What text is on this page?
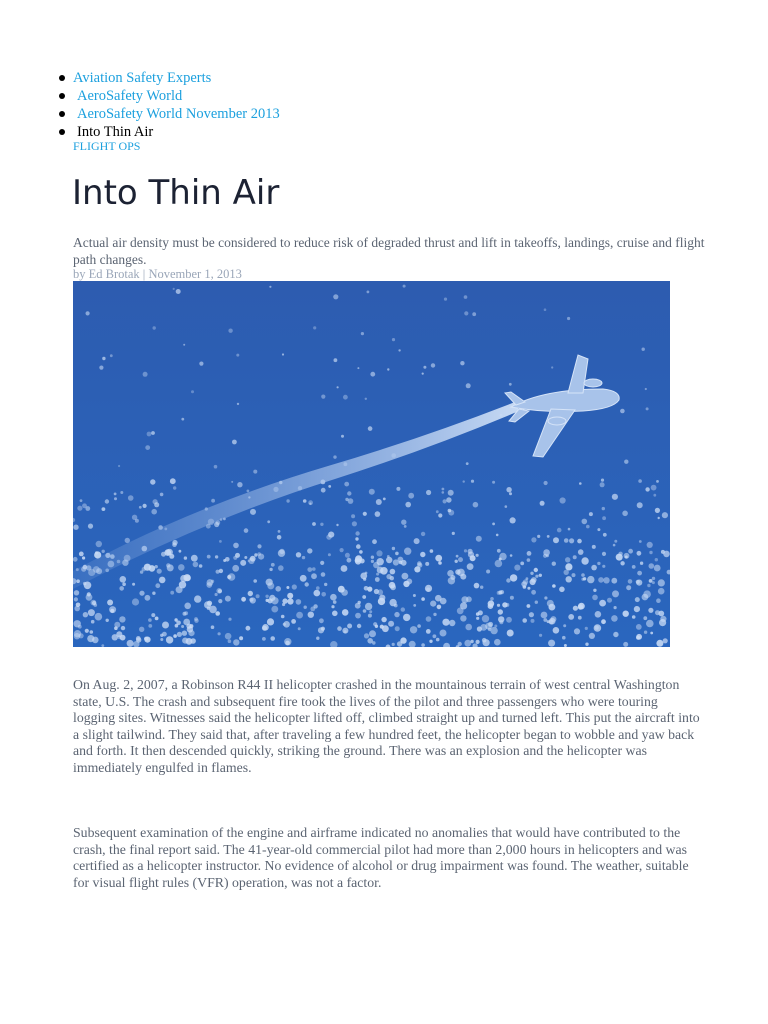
Aviation Safety Experts
AeroSafety World
AeroSafety World November 2013
Into Thin Air
FLIGHT OPS
Into Thin Air

Actual air density must be considered to reduce risk of degraded thrust and lift in takeoffs, landings, cruise and flight path changes.

by Ed Brotak | November 1, 2013

On Aug. 2, 2007, a Robinson R44 II helicopter crashed in the mountainous terrain of west central Washington state, U.S. The crash and subsequent fire took the lives of the pilot and three passengers who were touring logging sites. Witnesses said the helicopter lifted off, climbed straight up and turned left. This put the aircraft into a slight tailwind. They said that, after traveling a few hundred feet, the helicopter began to wobble and yaw back and forth. It then descended quickly, striking the ground. There was an explosion and the helicopter was immediately engulfed in flames.

Subsequent examination of the engine and airframe indicated no anomalies that would have contributed to the crash, the final report said. The 41-year-old commercial pilot had more than 2,000 hours in helicopters and was certified as a helicopter instructor. No evidence of alcohol or drug impairment was found. The weather, suitable for visual flight rules (VFR) operation, was not a factor.
